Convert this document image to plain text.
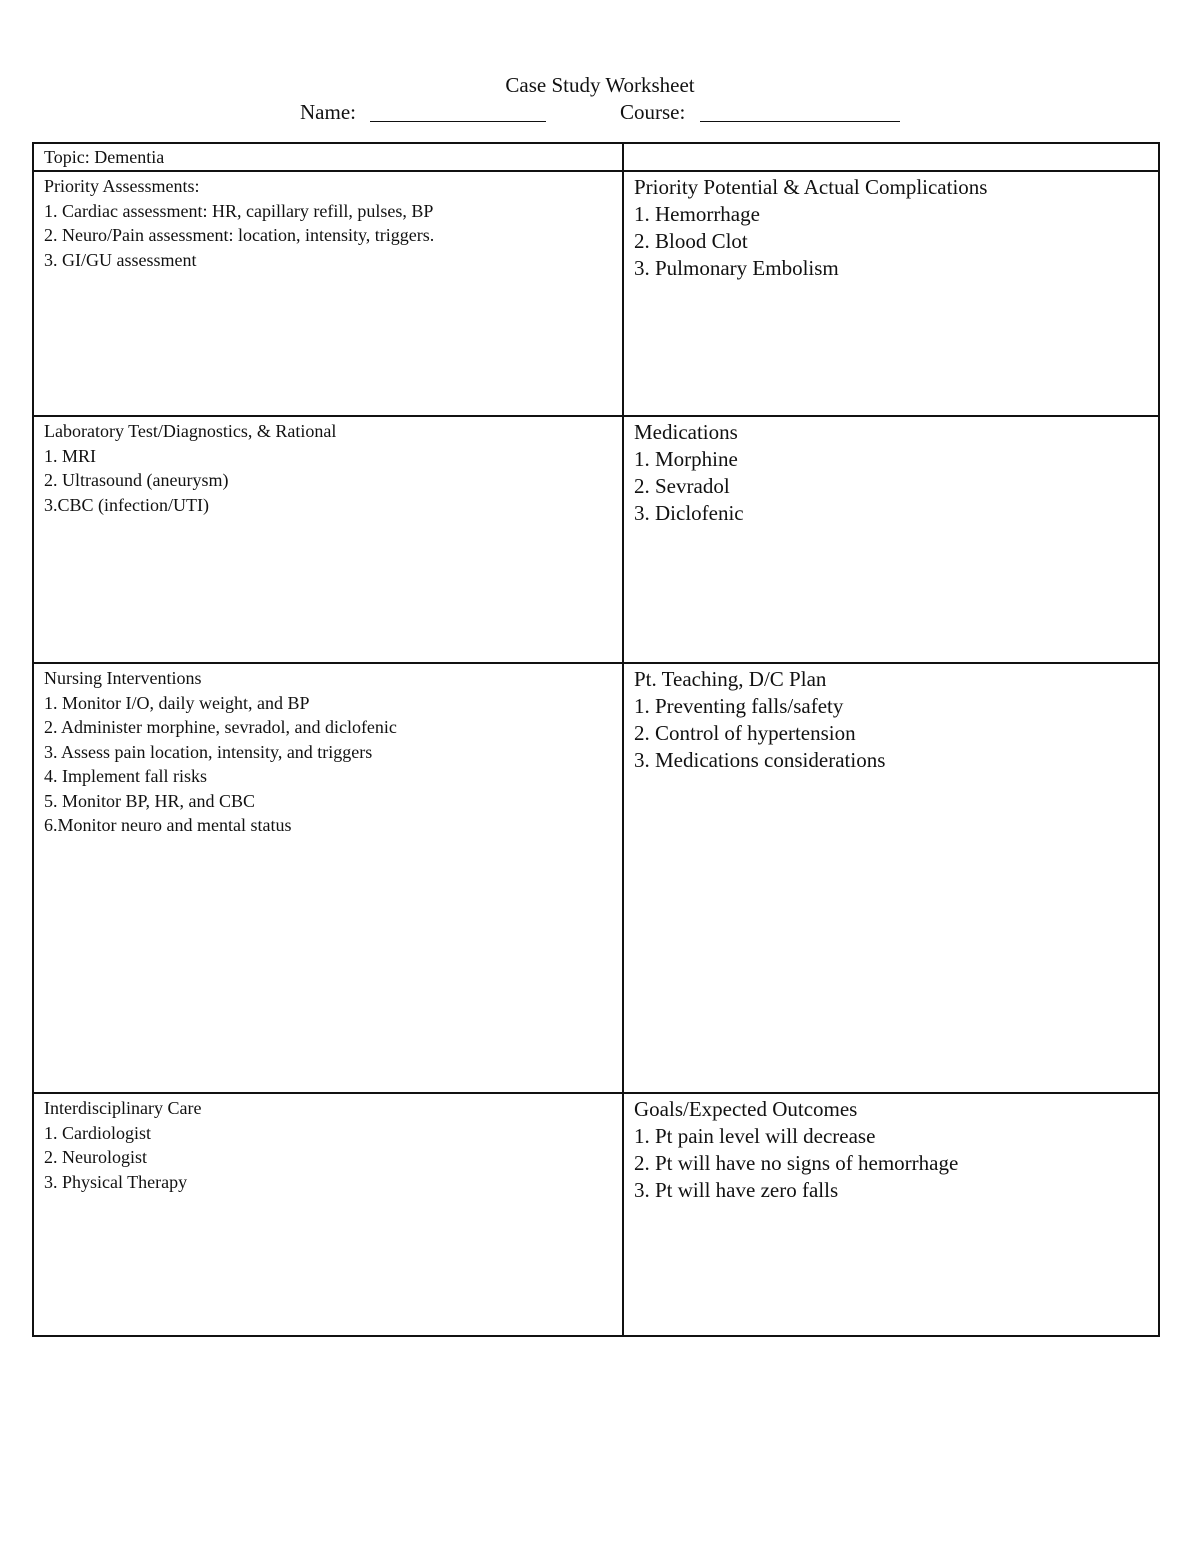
Case Study Worksheet
Name:	Course:

Topic: Dementia

Priority Assessments:

1. Cardiac assessment: HR, capillary refill, pulses, BP

2. Neuro/Pain assessment: location, intensity, triggers.

3. GI/GU assessment

Priority Potential & Actual Complications

1. Hemorrhage

2. Blood Clot

3. Pulmonary Embolism

Laboratory Test/Diagnostics, & Rational

1. MRI

2. Ultrasound (aneurysm)

3.CBC (infection/UTI)

Medications

1. Morphine

2. Sevradol

3. Diclofenic

Nursing Interventions

1. Monitor I/O, daily weight, and BP

2. Administer morphine, sevradol, and diclofenic

3. Assess pain location, intensity, and triggers

4. Implement fall risks

5. Monitor BP, HR, and CBC

6.Monitor neuro and mental status

Pt. Teaching, D/C Plan

1. Preventing falls/safety

2. Control of hypertension

3. Medications considerations

Interdisciplinary Care

1. Cardiologist

2. Neurologist

3. Physical Therapy

Goals/Expected Outcomes

1. Pt pain level will decrease

2. Pt will have no signs of hemorrhage

3. Pt will have zero falls
